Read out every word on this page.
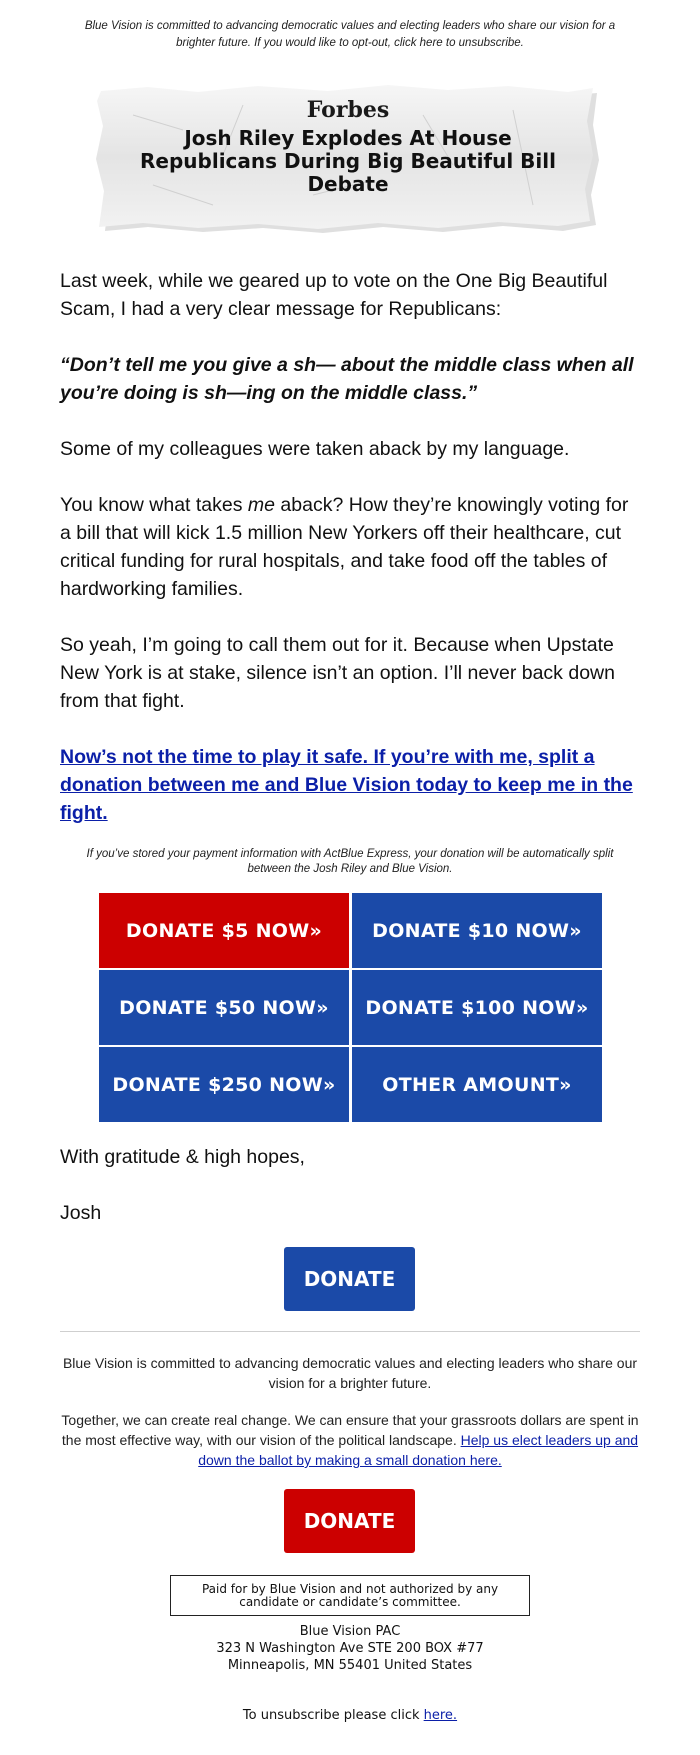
Blue Vision is committed to advancing democratic values and electing leaders who share our vision for a brighter future. If you would like to opt-out, click here to unsubscribe.
Forbes
Josh Riley Explodes At House Republicans During Big Beautiful Bill Debate

Last week, while we geared up to vote on the One Big Beautiful Scam, I had a very clear message for Republicans:

“Don’t tell me you give a sh— about the middle class when all you’re doing is sh—ing on the middle class.”

Some of my colleagues were taken aback by my language.

You know what takes me aback? How they’re knowingly voting for a bill that will kick 1.5 million New Yorkers off their healthcare, cut critical funding for rural hospitals, and take food off the tables of hardworking families.

So yeah, I’m going to call them out for it. Because when Upstate New York is at stake, silence isn’t an option. I’ll never back down from that fight.

Now’s not the time to play it safe. If you’re with me, split a donation between me and Blue Vision today to keep me in the fight.
If you’ve stored your payment information with ActBlue Express, your donation will be automatically split between the Josh Riley and Blue Vision.
DONATE $5 NOW»	DONATE $10 NOW»
DONATE $50 NOW»	DONATE $100 NOW»
DONATE $250 NOW»	OTHER AMOUNT»

With gratitude & high hopes,

Josh

DONATE

Blue Vision is committed to advancing democratic values and electing leaders who share our vision for a brighter future.

Together, we can create real change. We can ensure that your grassroots dollars are spent in the most effective way, with our vision of the political landscape. Help us elect leaders up and down the ballot by making a small donation here.

DONATE
Paid for by Blue Vision and not authorized by any candidate or candidate’s committee.
Blue Vision PAC
323 N Washington Ave STE 200 BOX #77
Minneapolis, MN 55401 United States
To unsubscribe please click here.
